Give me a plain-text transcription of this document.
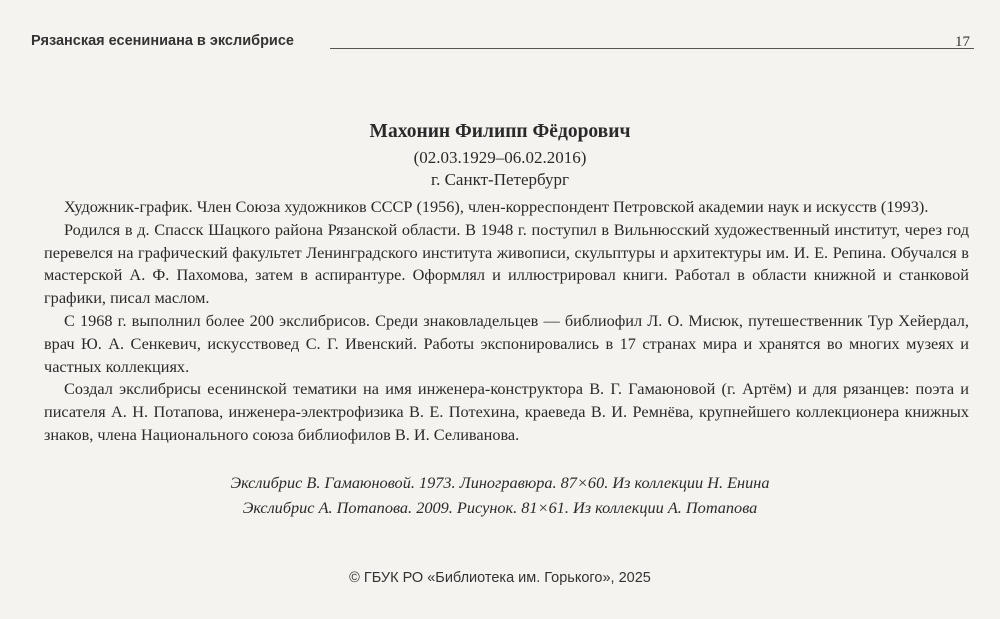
Рязанская есениниана в экслибрисе	17
Махонин Филипп Фёдорович
(02.03.1929–06.02.2016)
г. Санкт-Петербург

Художник-график. Член Союза художников СССР (1956), член-корреспондент Петровской академии наук и искусств (1993).

Родился в д. Спасск Шацкого района Рязанской области. В 1948 г. поступил в Вильнюсский художественный институт, через год перевелся на графический факультет Ленинградского института живописи, скульптуры и архитектуры им. И. Е. Репина. Обучался в мастерской А. Ф. Пахомова, затем в аспирантуре. Оформлял и иллюстрировал книги. Работал в области книжной и станковой графики, писал маслом.

С 1968 г. выполнил более 200 экслибрисов. Среди знаковладельцев — библиофил Л. О. Мисюк, путешественник Тур Хейердал, врач Ю. А. Сенкевич, искусствовед С. Г. Ивенский. Работы экспонировались в 17 странах мира и хранятся во многих музеях и частных коллекциях.

Создал экслибрисы есенинской тематики на имя инженера-конструктора В. Г. Гамаюновой (г. Артём) и для рязанцев: поэта и писателя А. Н. Потапова, инженера-электрофизика В. Е. Потехина, краеведа В. И. Ремнёва, крупнейшего коллекционера книжных знаков, члена Национального союза библиофилов В. И. Селиванова.

Экслибрис В. Гамаюновой. 1973. Линогравюра. 87×60. Из коллекции Н. Енина
Экслибрис А. Потапова. 2009. Рисунок. 81×61. Из коллекции А. Потапова
© ГБУК РО «Библиотека им. Горького», 2025
